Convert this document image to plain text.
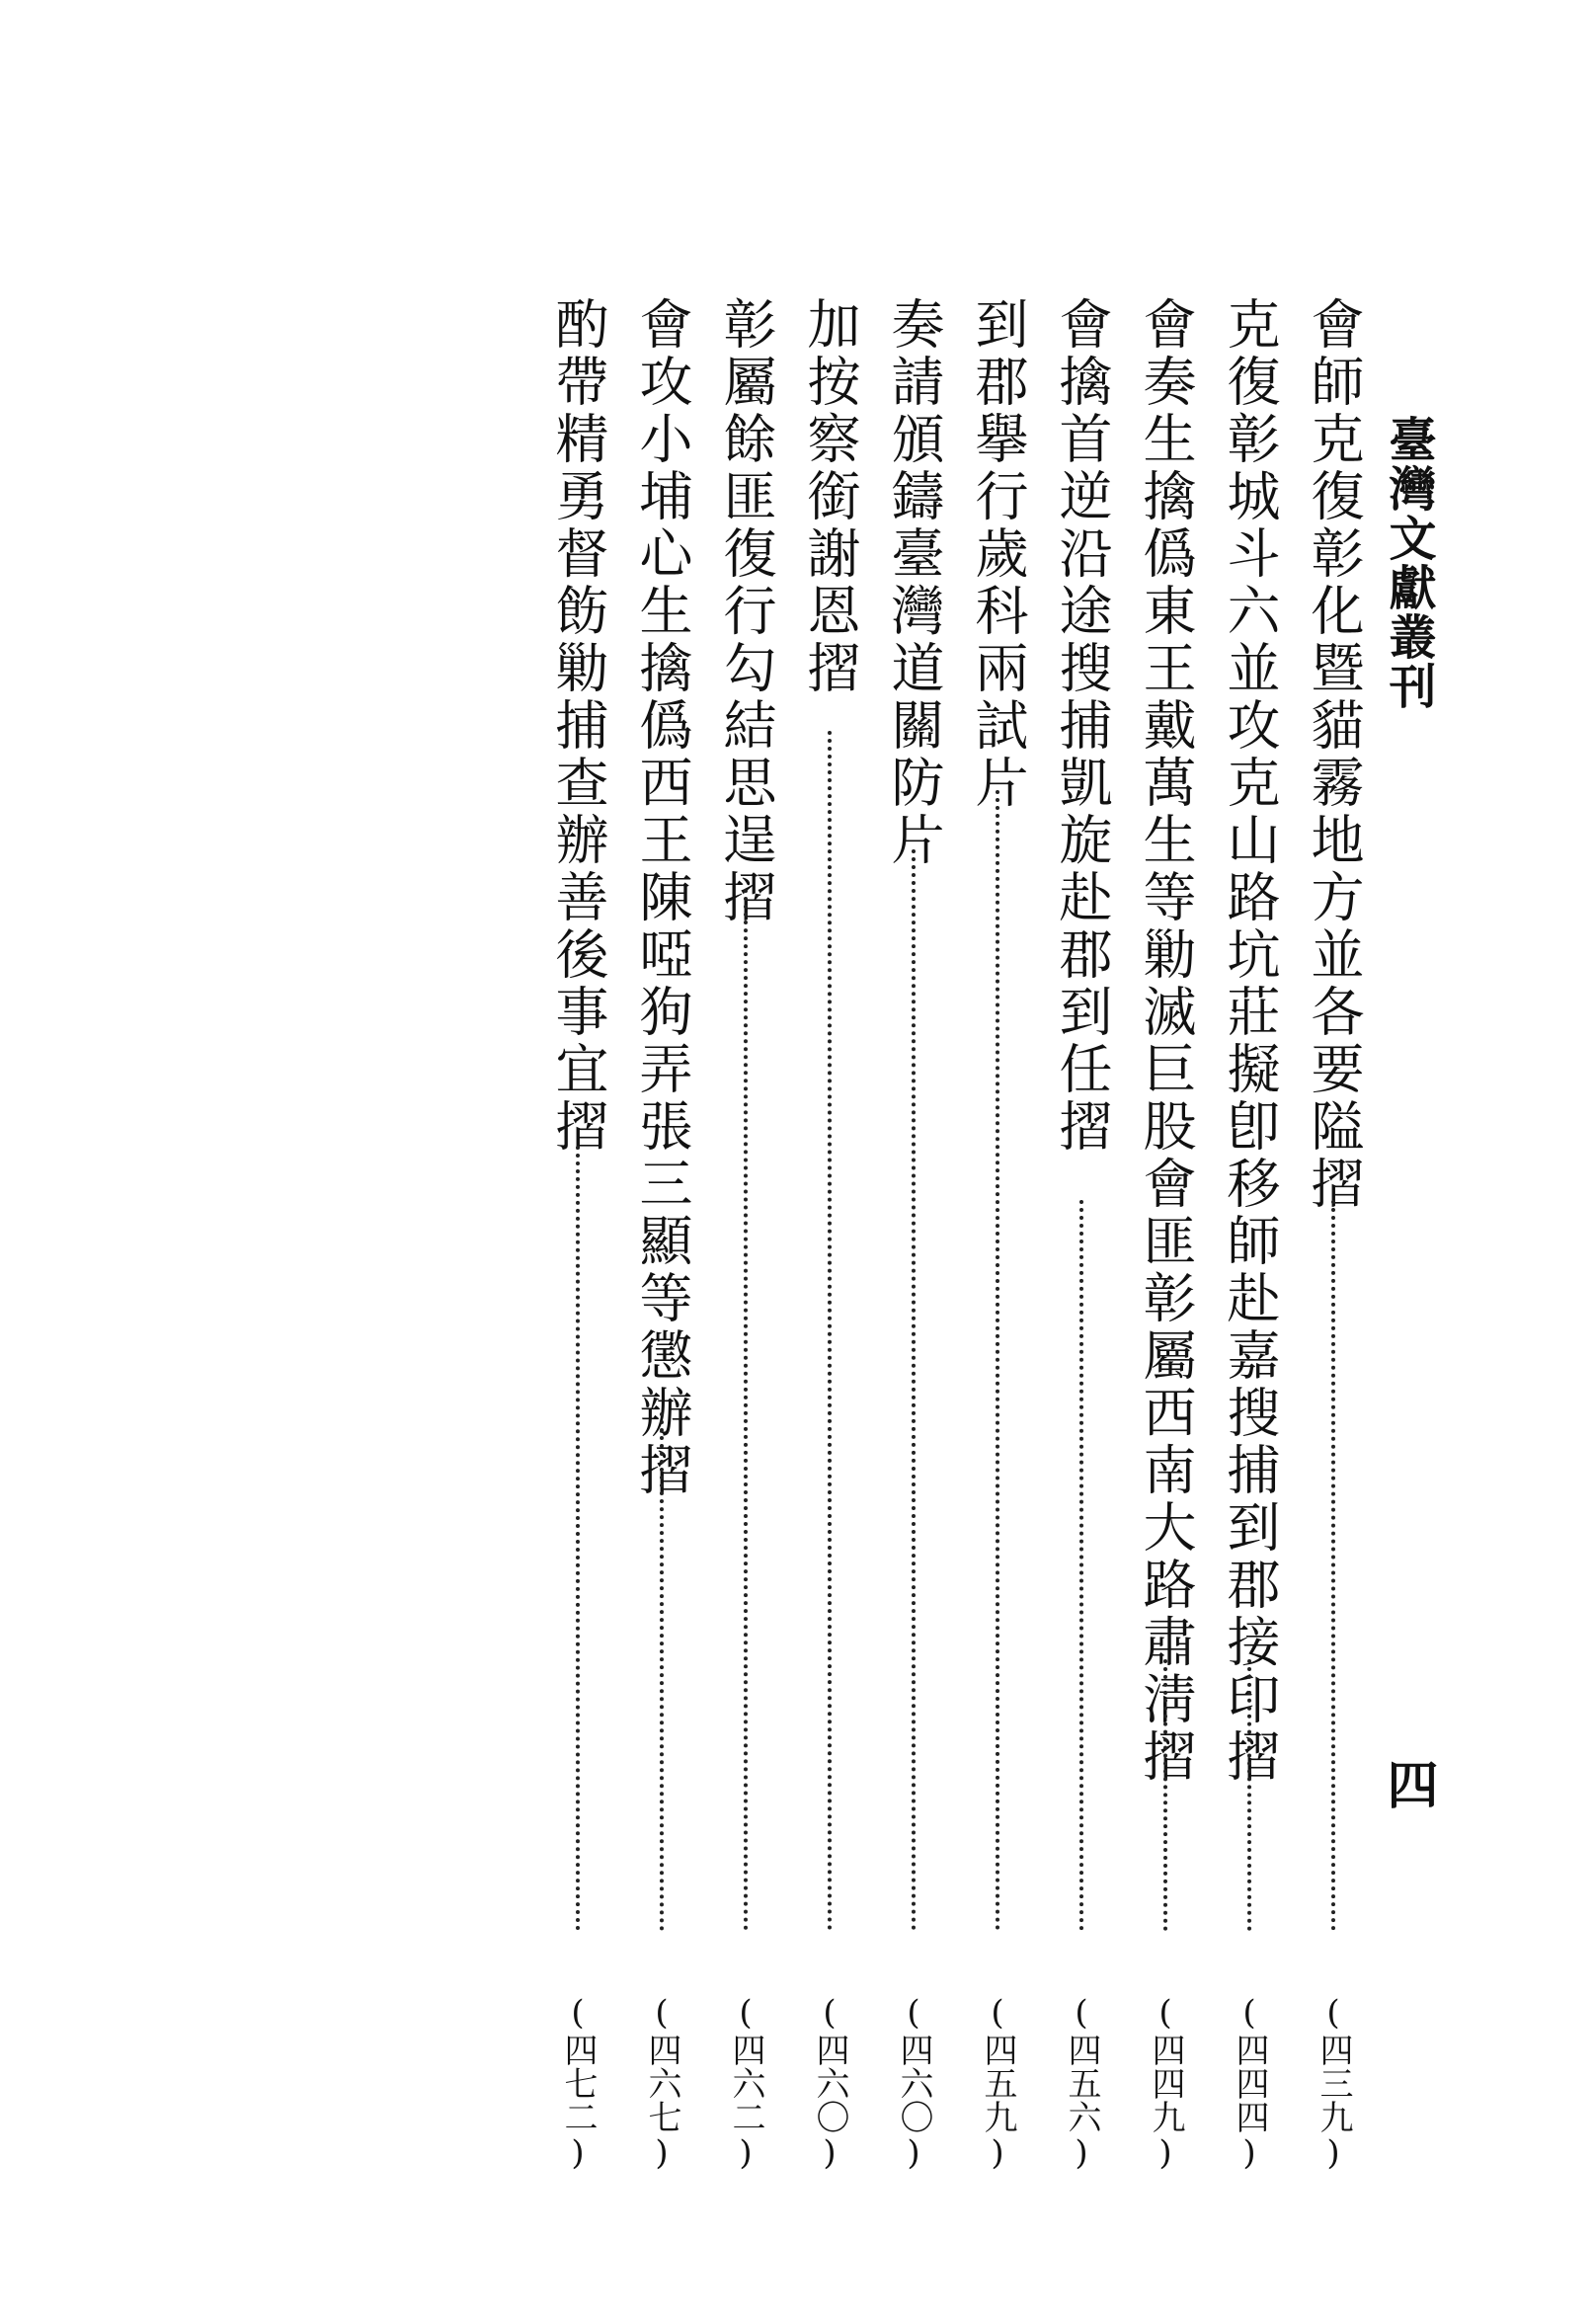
臺灣文獻叢刊
四
會師克復彰化暨貓霧地方並各要隘摺
(四三九)
克復彰城斗六並攻克山路坑莊擬卽移師赴嘉搜捕到郡接印摺
(四四四)
會奏生擒僞東王戴萬生等勦滅巨股會匪彰屬西南大路肅淸摺
(四四九)
會擒首逆沿途搜捕凱旋赴郡到任摺
(四五六)
到郡擧行歲科兩試片
(四五九)
奏請頒鑄臺灣道關防片
(四六〇)
加按察銜謝恩摺
(四六〇)
彰屬餘匪復行勾結思逞摺
(四六二)
會攻小埔心生擒僞西王陳啞狗弄張三顯等懲辦摺
(四六七)
酌帶精勇督飭勦捕查辦善後事宜摺
(四七二)
